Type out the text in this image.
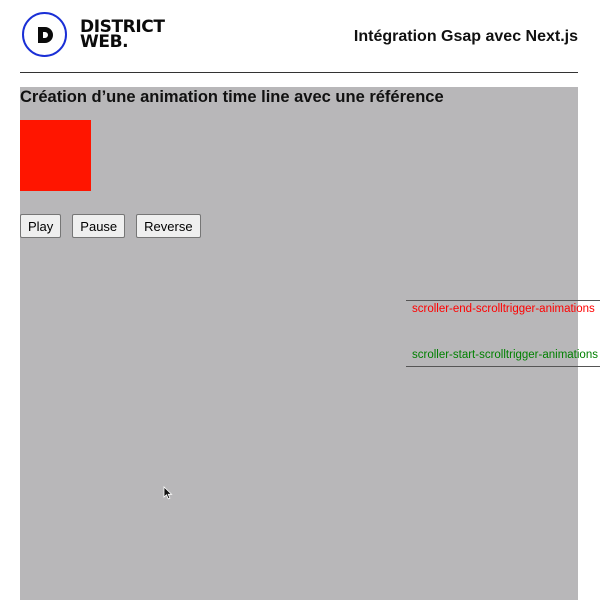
DISTRICT
WEB.	Intégration Gsap avec Next.js
Création d’une animation time line avec une référence
Play	Pause	Reverse
scroller-end-scrolltrigger-animations
scroller-start-scrolltrigger-animations
